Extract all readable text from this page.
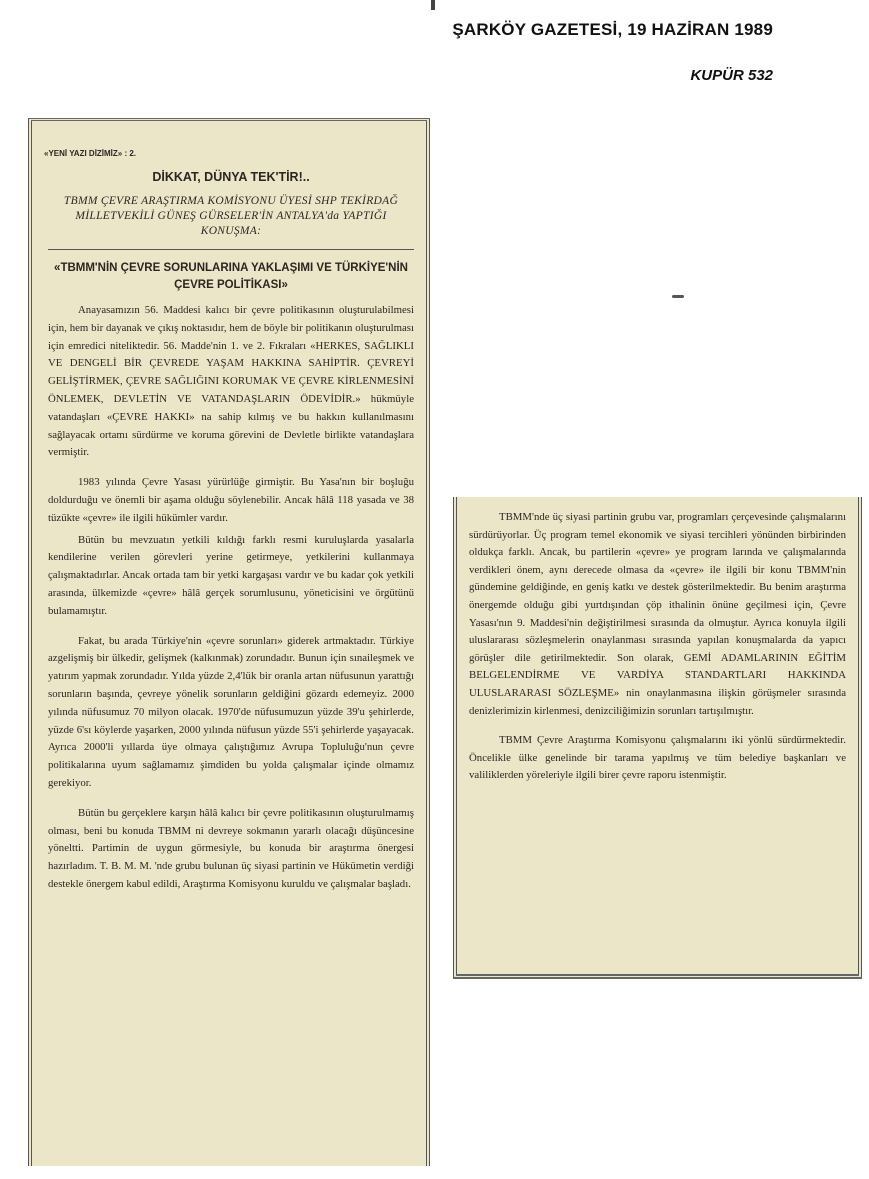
ŞARKÖY GAZETESİ, 19 HAZİRAN 1989
KUPÜR 532
«YENİ YAZI DİZİMİZ» : 2.
DİKKAT, DÜNYA TEK'TİR!..
TBMM ÇEVRE ARAŞTIRMA KOMİSYONU ÜYESİ SHP TEKİRDAĞ MİLLETVEKİLİ GÜNEŞ GÜRSELER'İN ANTALYA'da YAPTIĞI KONUŞMA:
«TBMM'NİN ÇEVRE SORUNLARINA YAKLAŞIMI VE TÜRKİYE'NİN ÇEVRE POLİTİKASI»

Anayasamızın 56. Maddesi kalıcı bir çevre politikasının oluşturulabilmesi için, hem bir dayanak ve çıkış noktasıdır, hem de böyle bir politikanın oluşturulması için emredici niteliktedir. 56. Madde'nin 1. ve 2. Fıkraları «HERKES, SAĞLIKLI VE DENGELİ BİR ÇEVREDE YAŞAM HAKKINA SAHİPTİR. ÇEVREYİ GELİŞTİRMEK, ÇEVRE SAĞLIĞINI KORUMAK VE ÇEVRE KİRLENMESİNİ ÖNLEMEK, DEVLETİN VE VATANDAŞLARIN ÖDEVİDİR.» hükmüyle vatandaşları «ÇEVRE HAKKI» na sahip kılmış ve bu hakkın kullanılmasını sağlayacak ortamı sürdürme ve koruma görevini de Devletle birlikte vatandaşlara vermiştir.

1983 yılında Çevre Yasası yürürlüğe girmiştir. Bu Yasa'nın bir boşluğu doldurduğu ve önemli bir aşama olduğu söylenebilir. Ancak hâlâ 118 yasada ve 38 tüzükte «çevre» ile ilgili hükümler vardır.

Bütün bu mevzuatın yetkili kıldığı farklı resmi kuruluşlarda yasalarla kendilerine verilen görevleri yerine getirmeye, yetkilerini kullanmaya çalışmaktadırlar. Ancak ortada tam bir yetki kargaşası vardır ve bu kadar çok yetkili arasında, ülkemizde «çevre» hâlâ gerçek sorumlusunu, yöneticisini ve örgütünü bulamamıştır.

Fakat, bu arada Türkiye'nin «çevre sorunları» giderek artmaktadır. Türkiye azgelişmiş bir ülkedir, gelişmek (kalkınmak) zorundadır. Bunun için sınaileşmek ve yatırım yapmak zorundadır. Yılda yüzde 2,4'lük bir oranla artan nüfusunun yarattığı sorunların başında, çevreye yönelik sorunların geldiğini gözardı edemeyiz. 2000 yılında nüfusumuz 70 milyon olacak. 1970'de nüfusumuzun yüzde 39'u şehirlerde, yüzde 6'sı köylerde yaşarken, 2000 yılında nüfusun yüzde 55'i şehirlerde yaşayacak. Ayrıca 2000'li yıllarda üye olmaya çalıştığımız Avrupa Topluluğu'nun çevre politikalarına uyum sağlamamız şimdiden bu yolda çalışmalar içinde olmamız gerekiyor.

Bütün bu gerçeklere karşın hâlâ kalıcı bir çevre politikasının oluşturulmamış olması, beni bu konuda TBMM ni devreye sokmanın yararlı olacağı düşüncesine yöneltti. Partimin de uygun görmesiyle, bu konuda bir araştırma önergesi hazırladım. T. B. M. M. 'nde grubu bulunan üç siyasi partinin ve Hükümetin verdiği destekle önergem kabul edildi, Araştırma Komisyonu kuruldu ve çalışmalar başladı.

TBMM'nde üç siyasi partinin grubu var, programları çerçevesinde çalışmalarını sürdürüyorlar. Üç program temel ekonomik ve siyasi tercihleri yönünden birbirinden oldukça farklı. Ancak, bu partilerin «çevre» ye program larında ve çalışmalarında verdikleri önem, aynı derecede olmasa da «çevre» ile ilgili bir konu TBMM'nin gündemine geldiğinde, en geniş katkı ve destek gösterilmektedir. Bu benim araştırma önergemde olduğu gibi yurtdışından çöp ithalinin önüne geçilmesi için, Çevre Yasası'nın 9. Maddesi'nin değiştirilmesi sırasında da olmuştur. Ayrıca konuyla ilgili uluslararası sözleşmelerin onaylanması sırasında yapılan konuşmalarda da yapıcı görüşler dile getirilmektedir. Son olarak, GEMİ ADAMLARININ EĞİTİM BELGELENDİRME VE VARDİYA STANDARTLARI HAKKINDA ULUSLARARASI SÖZLEŞME» nin onaylanmasına ilişkin görüşmeler sırasında denizlerimizin kirlenmesi, denizciliğimizin sorunları tartışılmıştır.

TBMM Çevre Araştırma Komisyonu çalışmalarını iki yönlü sürdürmektedir. Öncelikle ülke genelinde bir tarama yapılmış ve tüm belediye başkanları ve valiliklerden yöreleriyle ilgili birer çevre raporu istenmiştir.
